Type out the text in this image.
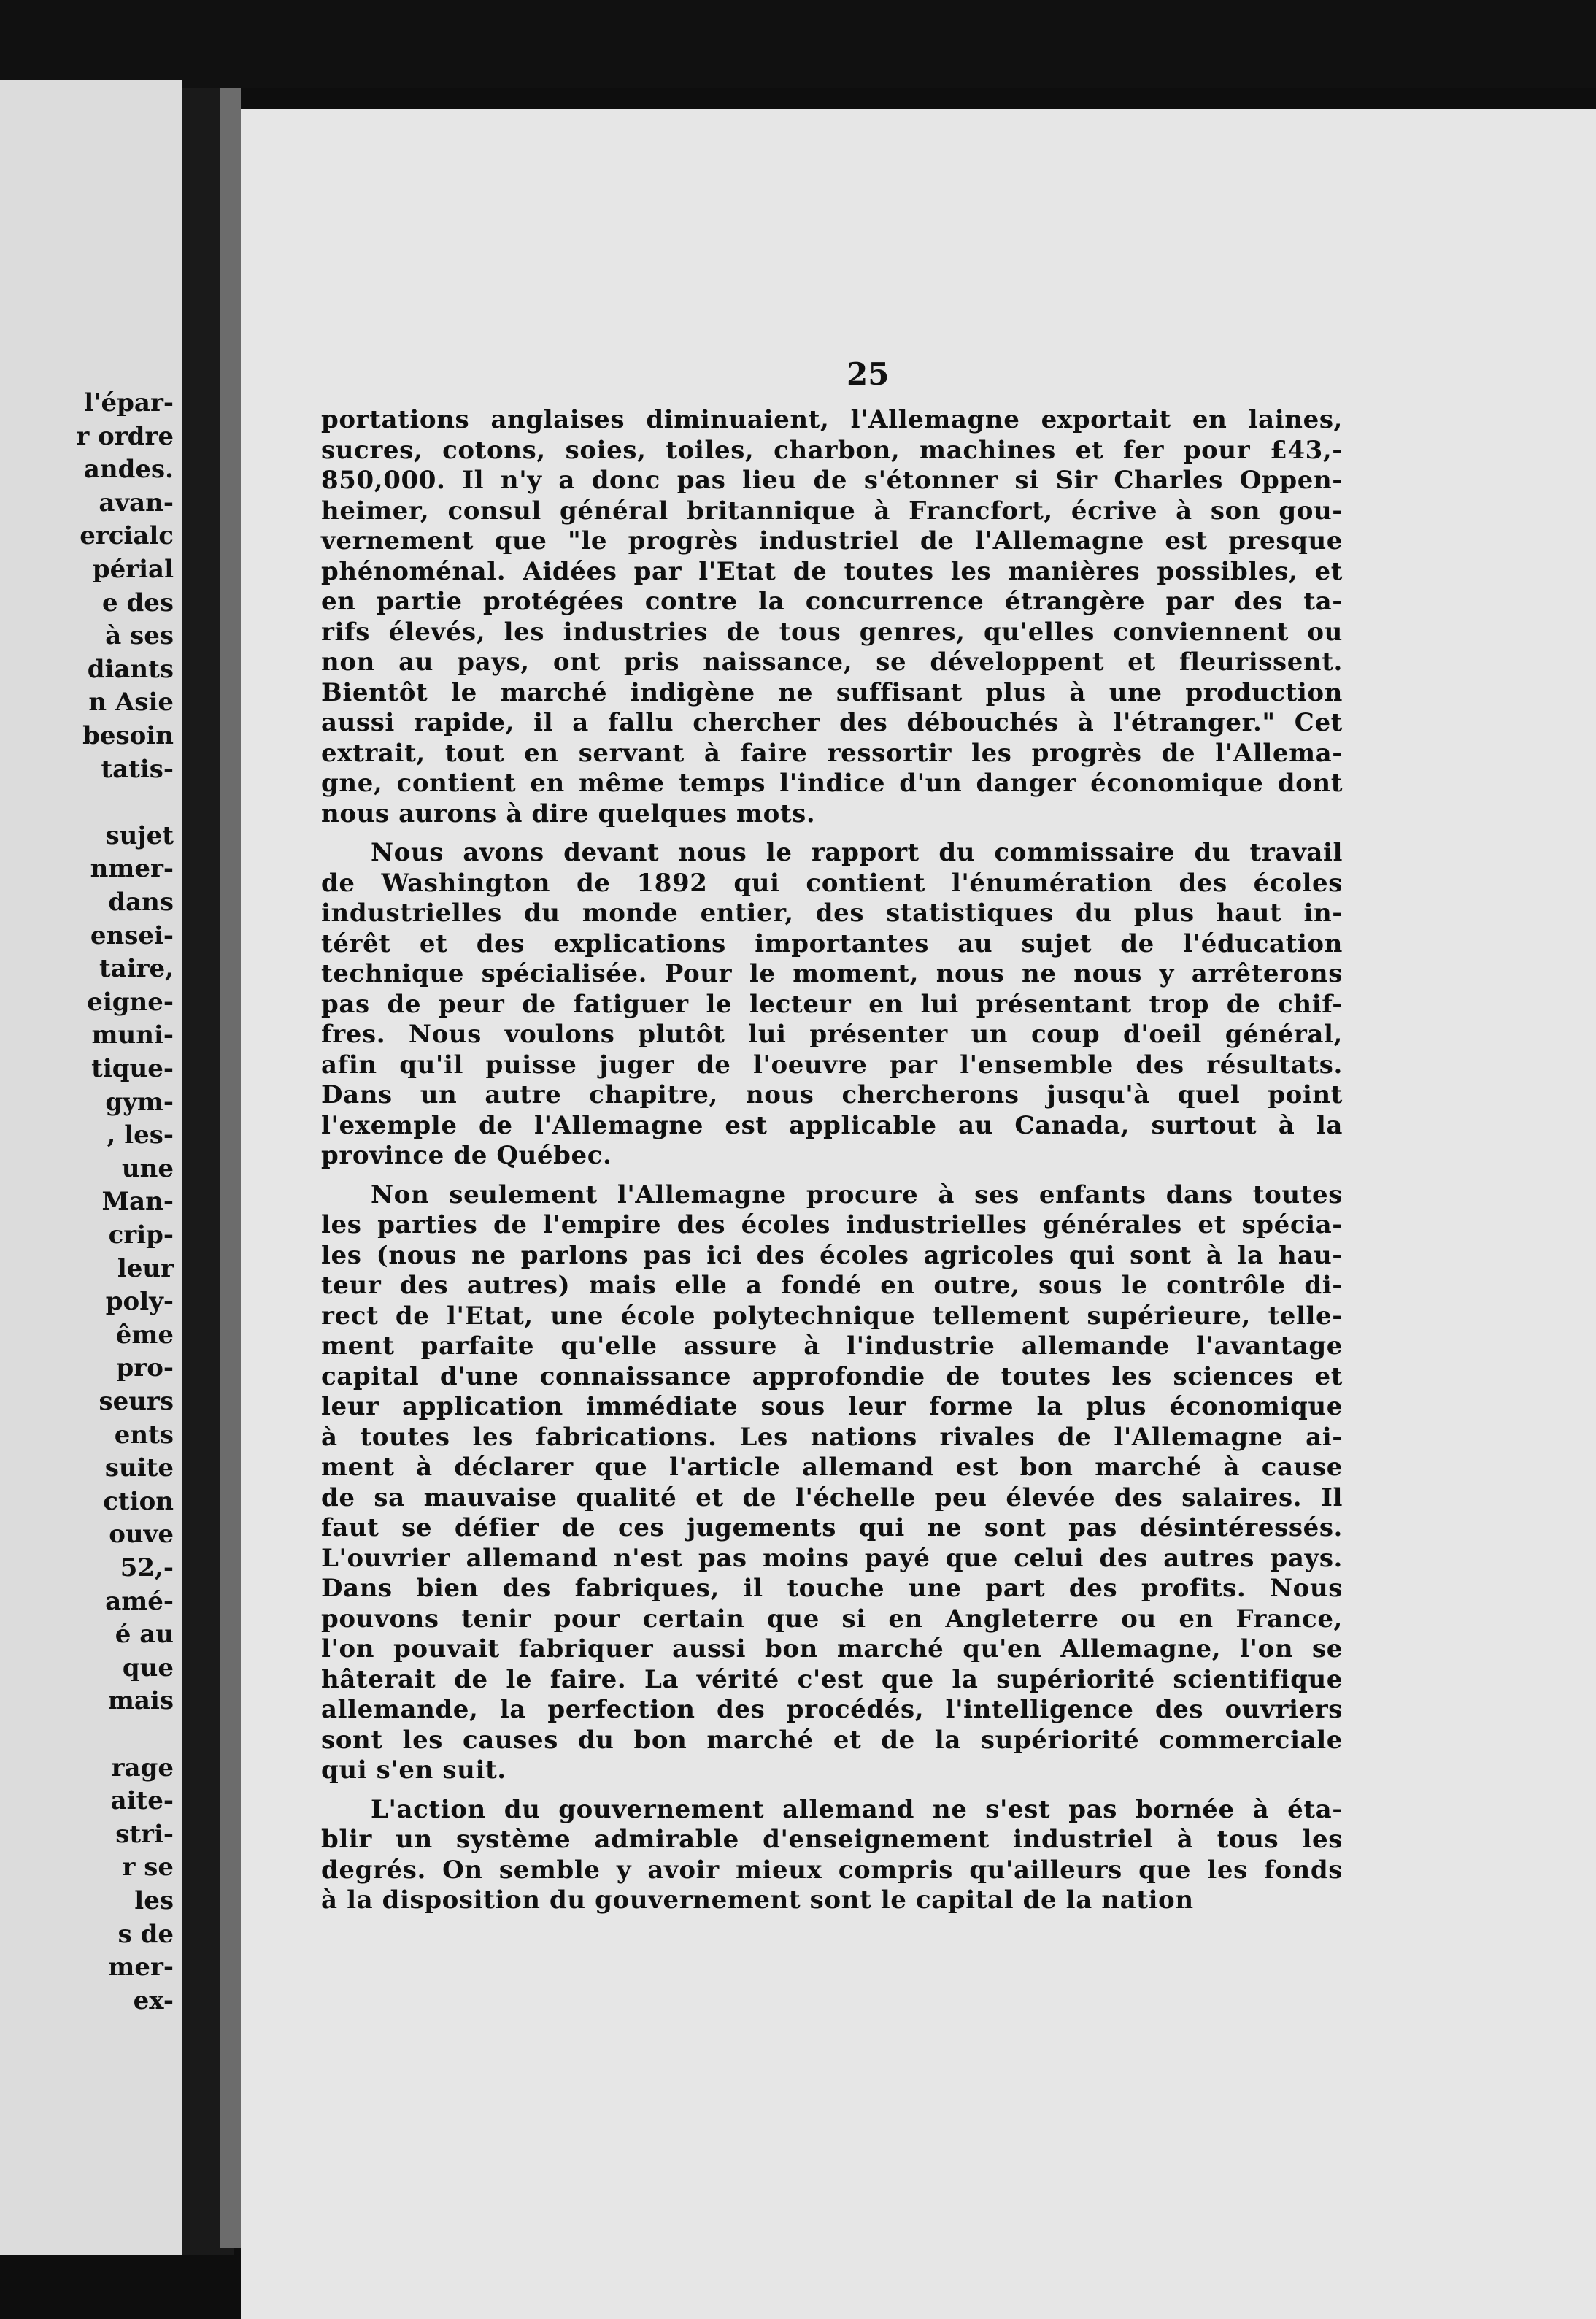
l'épar-
r ordre
andes.
avan-
ercialc
périal
e des
à ses
diants
n Asie
besoin
tatis-
sujet
nmer-
dans
ensei-
taire,
eigne-
muni-
tique-
gym-
, les-
une
Man-
crip-
leur
poly-
ême
pro-
seurs
ents
suite
ction
ouve
52,-
amé-
é au
que
mais
rage
aite-
stri-
r se
les
s de
mer-
ex-
25

portations anglaises diminuaient, l'Allemagne exportait en laines,
sucres, cotons, soies, toiles, charbon, machines et fer pour £43,-
850,000. Il n'y a donc pas lieu de s'étonner si Sir Charles Oppen-
heimer, consul général britannique à Francfort, écrive à son gou-
vernement que "le progrès industriel de l'Allemagne est presque
phénoménal. Aidées par l'Etat de toutes les manières possibles, et
en partie protégées contre la concurrence étrangère par des ta-
rifs élevés, les industries de tous genres, qu'elles conviennent ou
non au pays, ont pris naissance, se développent et fleurissent.
Bientôt le marché indigène ne suffisant plus à une production
aussi rapide, il a fallu chercher des débouchés à l'étranger." Cet
extrait, tout en servant à faire ressortir les progrès de l'Allema-
gne, contient en même temps l'indice d'un danger économique dont
nous aurons à dire quelques mots.

Nous avons devant nous le rapport du commissaire du travail
de Washington de 1892 qui contient l'énumération des écoles
industrielles du monde entier, des statistiques du plus haut in-
térêt et des explications importantes au sujet de l'éducation
technique spécialisée. Pour le moment, nous ne nous y arrêterons
pas de peur de fatiguer le lecteur en lui présentant trop de chif-
fres. Nous voulons plutôt lui présenter un coup d'oeil général,
afin qu'il puisse juger de l'oeuvre par l'ensemble des résultats.
Dans un autre chapitre, nous chercherons jusqu'à quel point
l'exemple de l'Allemagne est applicable au Canada, surtout à la
province de Québec.

Non seulement l'Allemagne procure à ses enfants dans toutes
les parties de l'empire des écoles industrielles générales et spécia-
les (nous ne parlons pas ici des écoles agricoles qui sont à la hau-
teur des autres) mais elle a fondé en outre, sous le contrôle di-
rect de l'Etat, une école polytechnique tellement supérieure, telle-
ment parfaite qu'elle assure à l'industrie allemande l'avantage
capital d'une connaissance approfondie de toutes les sciences et
leur application immédiate sous leur forme la plus économique
à toutes les fabrications. Les nations rivales de l'Allemagne ai-
ment à déclarer que l'article allemand est bon marché à cause
de sa mauvaise qualité et de l'échelle peu élevée des salaires. Il
faut se défier de ces jugements qui ne sont pas désintéressés.
L'ouvrier allemand n'est pas moins payé que celui des autres pays.
Dans bien des fabriques, il touche une part des profits. Nous
pouvons tenir pour certain que si en Angleterre ou en France,
l'on pouvait fabriquer aussi bon marché qu'en Allemagne, l'on se
hâterait de le faire. La vérité c'est que la supériorité scientifique
allemande, la perfection des procédés, l'intelligence des ouvriers
sont les causes du bon marché et de la supériorité commerciale
qui s'en suit.

L'action du gouvernement allemand ne s'est pas bornée à éta-
blir un système admirable d'enseignement industriel à tous les
degrés. On semble y avoir mieux compris qu'ailleurs que les fonds
à la disposition du gouvernement sont le capital de la nation
